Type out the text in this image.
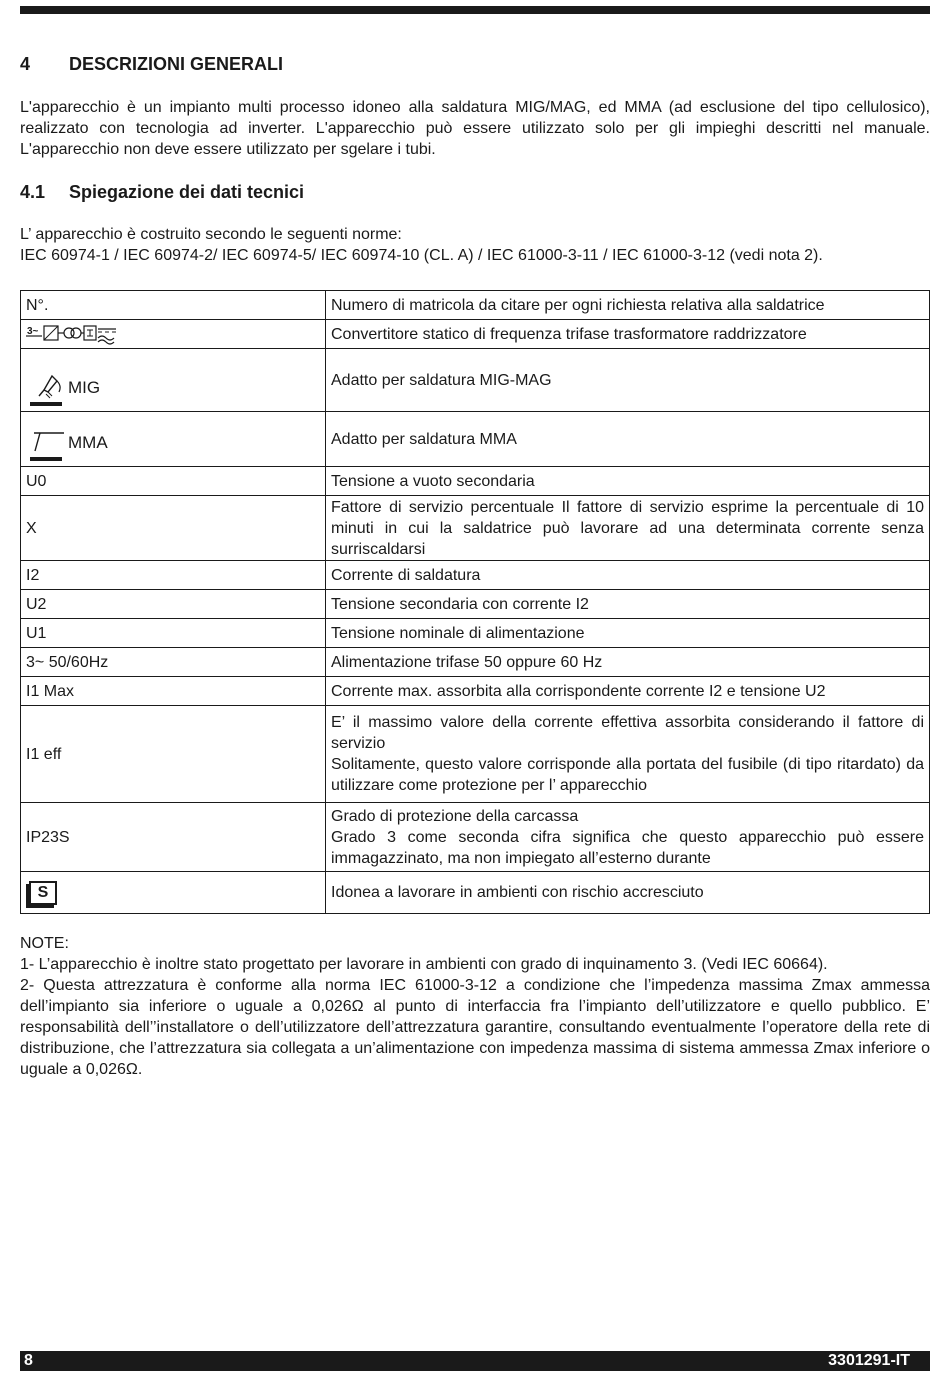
4 DESCRIZIONI GENERALI

L'apparecchio è un impianto multi processo idoneo alla saldatura MIG/MAG, ed MMA (ad esclusione del tipo cellulosico), realizzato con tecnologia ad inverter. L'apparecchio può essere utilizzato solo per gli impieghi descritti nel manuale. L'apparecchio non deve essere utilizzato per sgelare i tubi.

4.1 Spiegazione dei dati tecnici
L’ apparecchio è costruito secondo le seguenti norme:
IEC 60974-1 / IEC 60974-2/ IEC 60974-5/ IEC 60974-10 (CL. A) / IEC 61000-3-11 / IEC 61000-3-12 (vedi nota 2).
N°.	Numero di matricola da citare per ogni richiesta relativa alla saldatrice

3~	Convertitore statico di frequenza trifase trasformatore raddrizzatore

MIG	Adatto per saldatura MIG-MAG

MMA	Adatto per saldatura MMA
U0	Tensione a vuoto secondaria
X	Fattore di servizio percentuale Il fattore di servizio esprime la percentuale di 10 minuti in cui la saldatrice può lavorare ad una determinata corrente senza surriscaldarsi
I2	Corrente di saldatura
U2	Tensione secondaria con corrente I2
U1	Tensione nominale di alimentazione
3~ 50/60Hz	Alimentazione trifase 50 oppure 60 Hz
I1 Max	Corrente max. assorbita alla corrispondente corrente I2 e tensione U2
I1 eff	E’ il massimo valore della corrente effettiva assorbita considerando il fattore di servizio
Solitamente, questo valore corrisponde alla portata del fusibile (di tipo ritardato) da utilizzare come protezione per l’ apparecchio

IP23S	Grado di protezione della carcassa
Grado 3 come seconda cifra significa che questo apparecchio può essere immagazzinato, ma non impiegato all’esterno durante

S	Idonea a lavorare in ambienti con rischio accresciuto
NOTE:
1- L’apparecchio è inoltre stato progettato per lavorare in ambienti con grado di inquinamento 3. (Vedi IEC 60664).
2- Questa attrezzatura è conforme alla norma IEC 61000-3-12 a condizione che l’impedenza massima Zmax ammessa dell’impianto sia inferiore o uguale a 0,026Ω al punto di interfaccia fra l’impianto dell’utilizzatore e quello pubblico. E’ responsabilità dell’’installatore o dell’utilizzatore dell’attrezzatura garantire, consultando eventualmente l’operatore della rete di distribuzione, che l’attrezzatura sia collegata a un’alimentazione con impedenza massima di sistema ammessa Zmax inferiore o uguale a 0,026Ω.
8	3301291-IT
